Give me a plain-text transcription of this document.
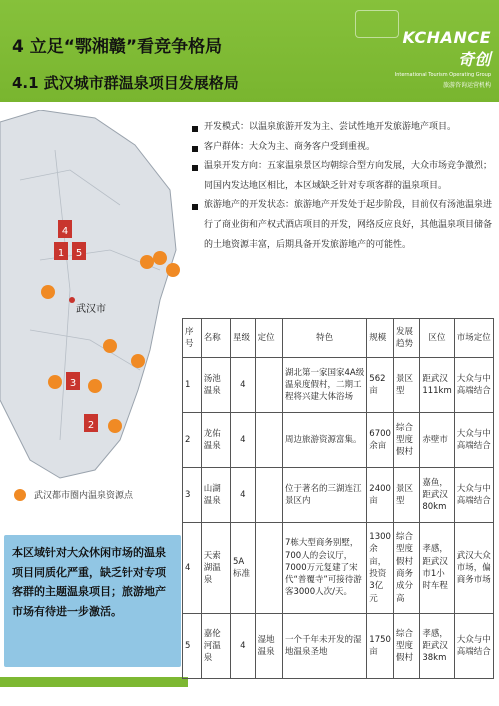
4 立足“鄂湘赣”看竞争格局
4.1 武汉城市群温泉项目发展格局
KCHANCE奇创
International Tourism Operating Group
旅游咨询运营机构
4
1 5
3
2
武汉市
武汉都市圈内温泉资源点
本区域针对大众休闲市场的温泉项目同质化严重，缺乏针对专项客群的主题温泉项目；旅游地产市场有待进一步激活。
开发模式：以温泉旅游开发为主、尝试性地开发旅游地产项目。
客户群体：大众为主、商务客户受到重视。
温泉开发方向：五家温泉景区均朝综合型方向发展，大众市场竞争激烈；同国内发达地区相比，本区域缺乏针对专项客群的温泉项目。
旅游地产的开发状态：旅游地产开发处于起步阶段，目前仅有汤池温泉进行了商业街和产权式酒店项目的开发，网络反应良好，其他温泉项目储备的土地资源丰富，后期具备开发旅游地产的可能性。
序号	名称	星级	定位	特色	规模	发展趋势	区位	市场定位
1	汤池温泉	4		湖北第一家国家4A级温泉度假村，二期工程将兴建大体浴场	562亩	景区型	距武汉111km	大众与中高端结合
2	龙佑温泉	4		周边旅游资源富集。	6700余亩	综合型度假村	赤壁市	大众与中高端结合
3	山湖温泉	4		位于著名的三湖连江景区内	2400亩	景区型	嘉鱼，距武汉80km	大众与中高端结合
4	天索湖温泉	5A标准		7栋大型商务别墅，700人的会议厅，7000万元复建了宋代“普覆寺”可接待游客3000人次/天。	1300余亩，投资3亿元	综合型度假村商务成分高	孝感，距武汉市1小时车程	武汉大众市场，偏商务市场
5	嘉伦河温泉	4	湿地温泉	一个千年未开发的湿地温泉圣地	1750亩	综合型度假村	孝感，距武汉38km	大众与中高端结合
